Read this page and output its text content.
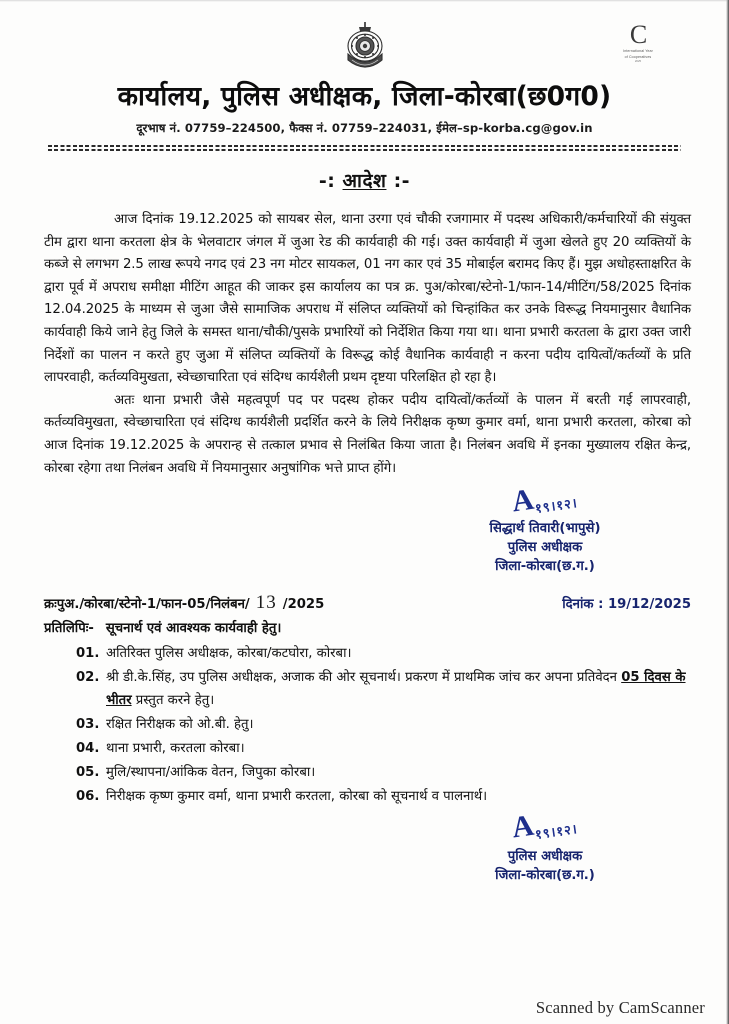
C
International Year
of Cooperatives
2025
कार्यालय, पुलिस अधीक्षक, जिला-कोरबा(छ0ग0)
दूरभाष नं. 07759–224500, फैक्स नं. 07759–224031, ईमेल–sp-korba.cg@gov.in
-: आदेश :-

आज दिनांक 19.12.2025 को सायबर सेल, थाना उरगा एवं चौकी रजगामार में पदस्थ अधिकारी/कर्मचारियों की संयुक्त टीम द्वारा थाना करतला क्षेत्र के भेलवाटार जंगल में जुआ रेड की कार्यवाही की गई। उक्त कार्यवाही में जुआ खेलते हुए 20 व्यक्तियों के कब्जे से लगभग 2.5 लाख रूपये नगद एवं 23 नग मोटर सायकल, 01 नग कार एवं 35 मोबाईल बरामद किए हैं। मुझ अधोहस्ताक्षरित के द्वारा पूर्व में अपराध समीक्षा मीटिंग आहूत की जाकर इस कार्यालय का पत्र क्र. पुअ/कोरबा/स्टेनो-1/फान-14/मीटिंग/58/2025 दिनांक 12.04.2025 के माध्यम से जुआ जैसे सामाजिक अपराध में संलिप्त व्यक्तियों को चिन्हांकित कर उनके विरूद्ध नियमानुसार वैधानिक कार्यवाही किये जाने हेतु जिले के समस्त थाना/चौकी/पुसके प्रभारियों को निर्देशित किया गया था। थाना प्रभारी करतला के द्वारा उक्त जारी निर्देशों का पालन न करते हुए जुआ में संलिप्त व्यक्तियों के विरूद्ध कोई वैधानिक कार्यवाही न करना पदीय दायित्वों/कर्तव्यों के प्रति लापरवाही, कर्तव्यविमुखता, स्वेच्छाचारिता एवं संदिग्ध कार्यशैली प्रथम दृष्टया परिलक्षित हो रहा है।

अतः थाना प्रभारी जैसे महत्वपूर्ण पद पर पदस्थ होकर पदीय दायित्वों/कर्तव्यों के पालन में बरती गई लापरवाही, कर्तव्यविमुखता, स्वेच्छाचारिता एवं संदिग्ध कार्यशैली प्रदर्शित करने के लिये निरीक्षक कृष्ण कुमार वर्मा, थाना प्रभारी करतला, कोरबा को आज दिनांक 19.12.2025 के अपरान्ह से तत्काल प्रभाव से निलंबित किया जाता है। निलंबन अवधि में इनका मुख्यालय रक्षित केन्द्र, कोरबा रहेगा तथा निलंबन अवधि में नियमानुसार अनुषांगिक भत्ते प्राप्त होंगे।

A१९।१२।
सिद्धार्थ तिवारी(भापुसे)
पुलिस अधीक्षक
जिला-कोरबा(छ.ग.)
क्रःपुअ./कोरबा/स्टेनो-1/फान-05/निलंबन/ 13 /2025	दिनांक : 19/12/2025
प्रतिलिपिः- सूचनार्थ एवं आवश्यक कार्यवाही हेतु।
01. अतिरिक्त पुलिस अधीक्षक, कोरबा/कटघोरा, कोरबा।
02. श्री डी.के.सिंह, उप पुलिस अधीक्षक, अजाक की ओर सूचनार्थ। प्रकरण में प्राथमिक जांच कर अपना प्रतिवेदन 05 दिवस के भीतर प्रस्तुत करने हेतु।
03. रक्षित निरीक्षक को ओ.बी. हेतु।
04. थाना प्रभारी, करतला कोरबा।
05. मुलि/स्थापना/आंकिक वेतन, जिपुका कोरबा।
06. निरीक्षक कृष्ण कुमार वर्मा, थाना प्रभारी करतला, कोरबा को सूचनार्थ व पालनार्थ।
A१९।१२।
पुलिस अधीक्षक
जिला-कोरबा(छ.ग.)
Scanned by CamScanner
